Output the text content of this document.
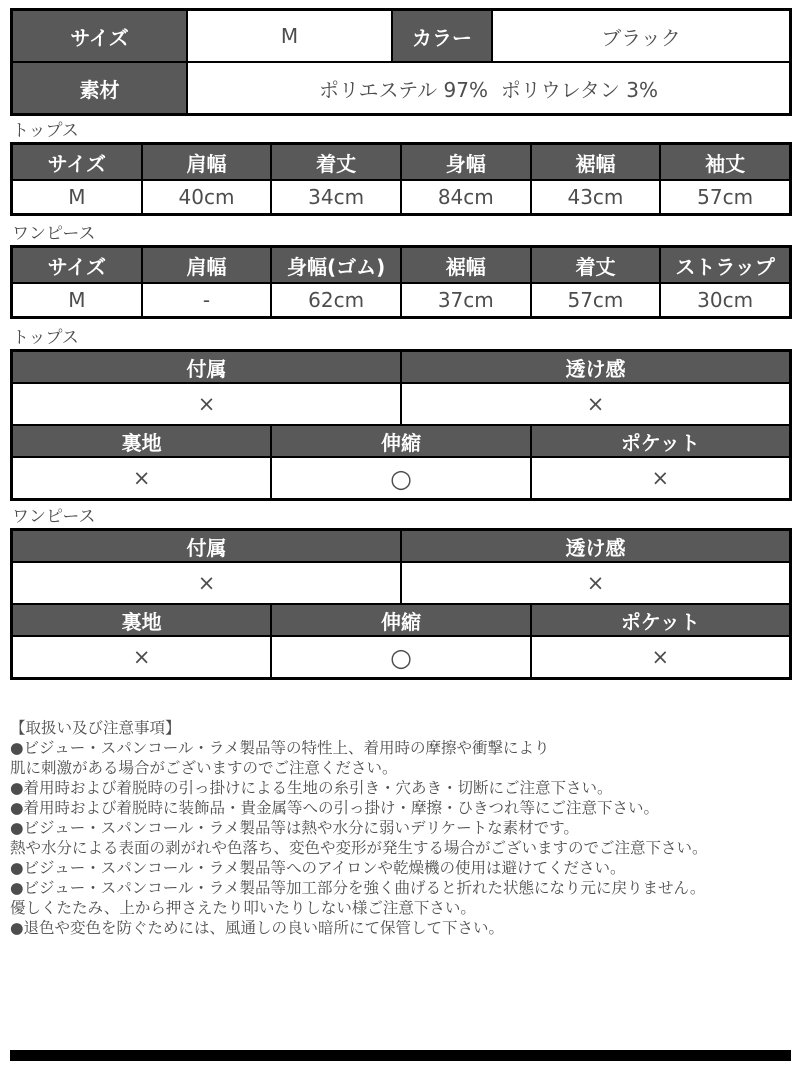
サイズ	M	カラー	ブラック
素材	ポリエステル 97%  ポリウレタン 3%
トップス
サイズ	肩幅	着丈	身幅	裾幅	袖丈
M	40cm	34cm	84cm	43cm	57cm
ワンピース
サイズ	肩幅	身幅(ゴム)	裾幅	着丈	ストラップ
M	-	62cm	37cm	57cm	30cm
トップス
付属	透け感
×	×
裏地	伸縮	ポケット
×	○	×
ワンピース
付属	透け感
×	×
裏地	伸縮	ポケット
×	○	×
【取扱い及び注意事項】
●ビジュー・スパンコール・ラメ製品等の特性上、着用時の摩擦や衝撃により
肌に刺激がある場合がございますのでご注意ください。
●着用時および着脱時の引っ掛けによる生地の糸引き・穴あき・切断にご注意下さい。
●着用時および着脱時に装飾品・貴金属等への引っ掛け・摩擦・ひきつれ等にご注意下さい。
●ビジュー・スパンコール・ラメ製品等は熱や水分に弱いデリケートな素材です。
熱や水分による表面の剥がれや色落ち、変色や変形が発生する場合がございますのでご注意下さい。
●ビジュー・スパンコール・ラメ製品等へのアイロンや乾燥機の使用は避けてください。
●ビジュー・スパンコール・ラメ製品等加工部分を強く曲げると折れた状態になり元に戻りません。
優しくたたみ、上から押さえたり叩いたりしない様ご注意下さい。
●退色や変色を防ぐためには、風通しの良い暗所にて保管して下さい。
